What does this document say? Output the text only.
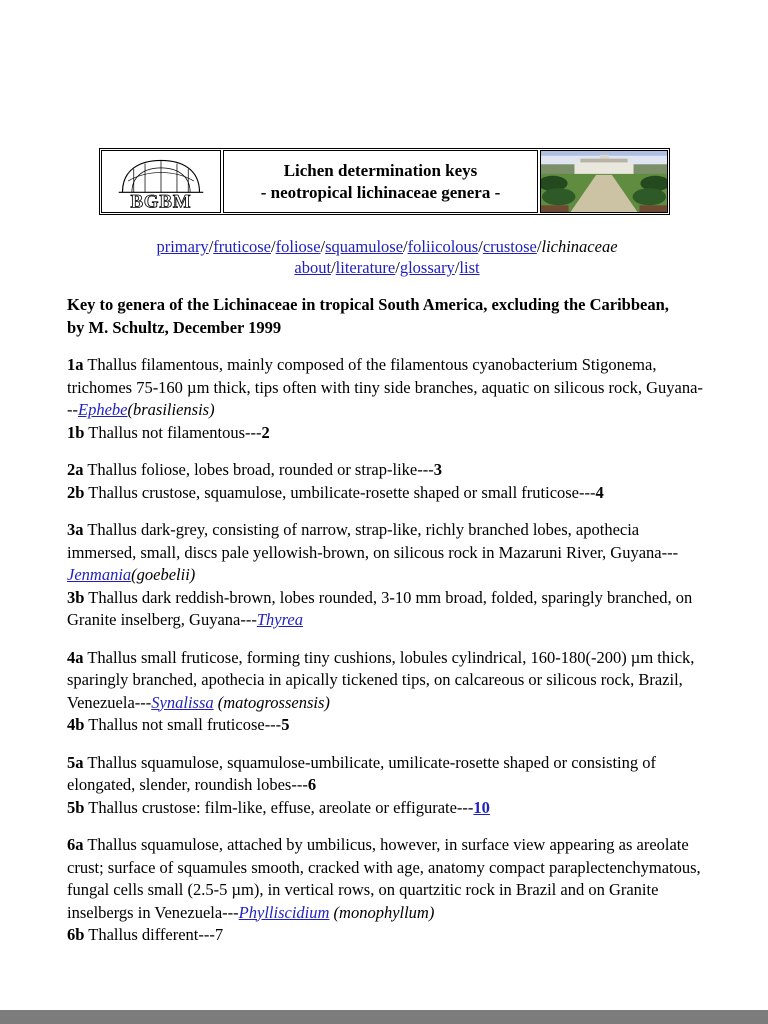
BGBM
Lichen determination keys
- neotropical lichinaceae genera -
primary/fruticose/foliose/squamulose/foliicolous/crustose/lichinaceae
about/literature/glossary/list
Key to genera of the Lichinaceae in tropical South America, excluding the Caribbean,
by M. Schultz, December 1999
1a Thallus filamentous, mainly composed of the filamentous cyanobacterium Stigonema, trichomes 75-160 µm thick, tips often with tiny side branches, aquatic on silicous rock, Guyana---Ephebe(brasiliensis)
1b Thallus not filamentous---2
2a Thallus foliose, lobes broad, rounded or strap-like---3
2b Thallus crustose, squamulose, umbilicate-rosette shaped or small fruticose---4
3a Thallus dark-grey, consisting of narrow, strap-like, richly branched lobes, apothecia immersed, small, discs pale yellowish-brown, on silicous rock in Mazaruni River, Guyana---Jenmania(goebelii)
3b Thallus dark reddish-brown, lobes rounded, 3-10 mm broad, folded, sparingly branched, on Granite inselberg, Guyana---Thyrea
4a Thallus small fruticose, forming tiny cushions, lobules cylindrical, 160-180(-200) µm thick, sparingly branched, apothecia in apically tickened tips, on calcareous or silicous rock, Brazil, Venezuela---Synalissa (matogrossensis)
4b Thallus not small fruticose---5
5a Thallus squamulose, squamulose-umbilicate, umilicate-rosette shaped or consisting of elongated, slender, roundish lobes---6
5b Thallus crustose: film-like, effuse, areolate or effigurate---10
6a Thallus squamulose, attached by umbilicus, however, in surface view appearing as areolate crust; surface of squamules smooth, cracked with age, anatomy compact paraplectenchymatous, fungal cells small (2.5-5 µm), in vertical rows, on quartzitic rock in Brazil and on Granite inselbergs in Venezuela---Phylliscidium (monophyllum)
6b Thallus different---7
